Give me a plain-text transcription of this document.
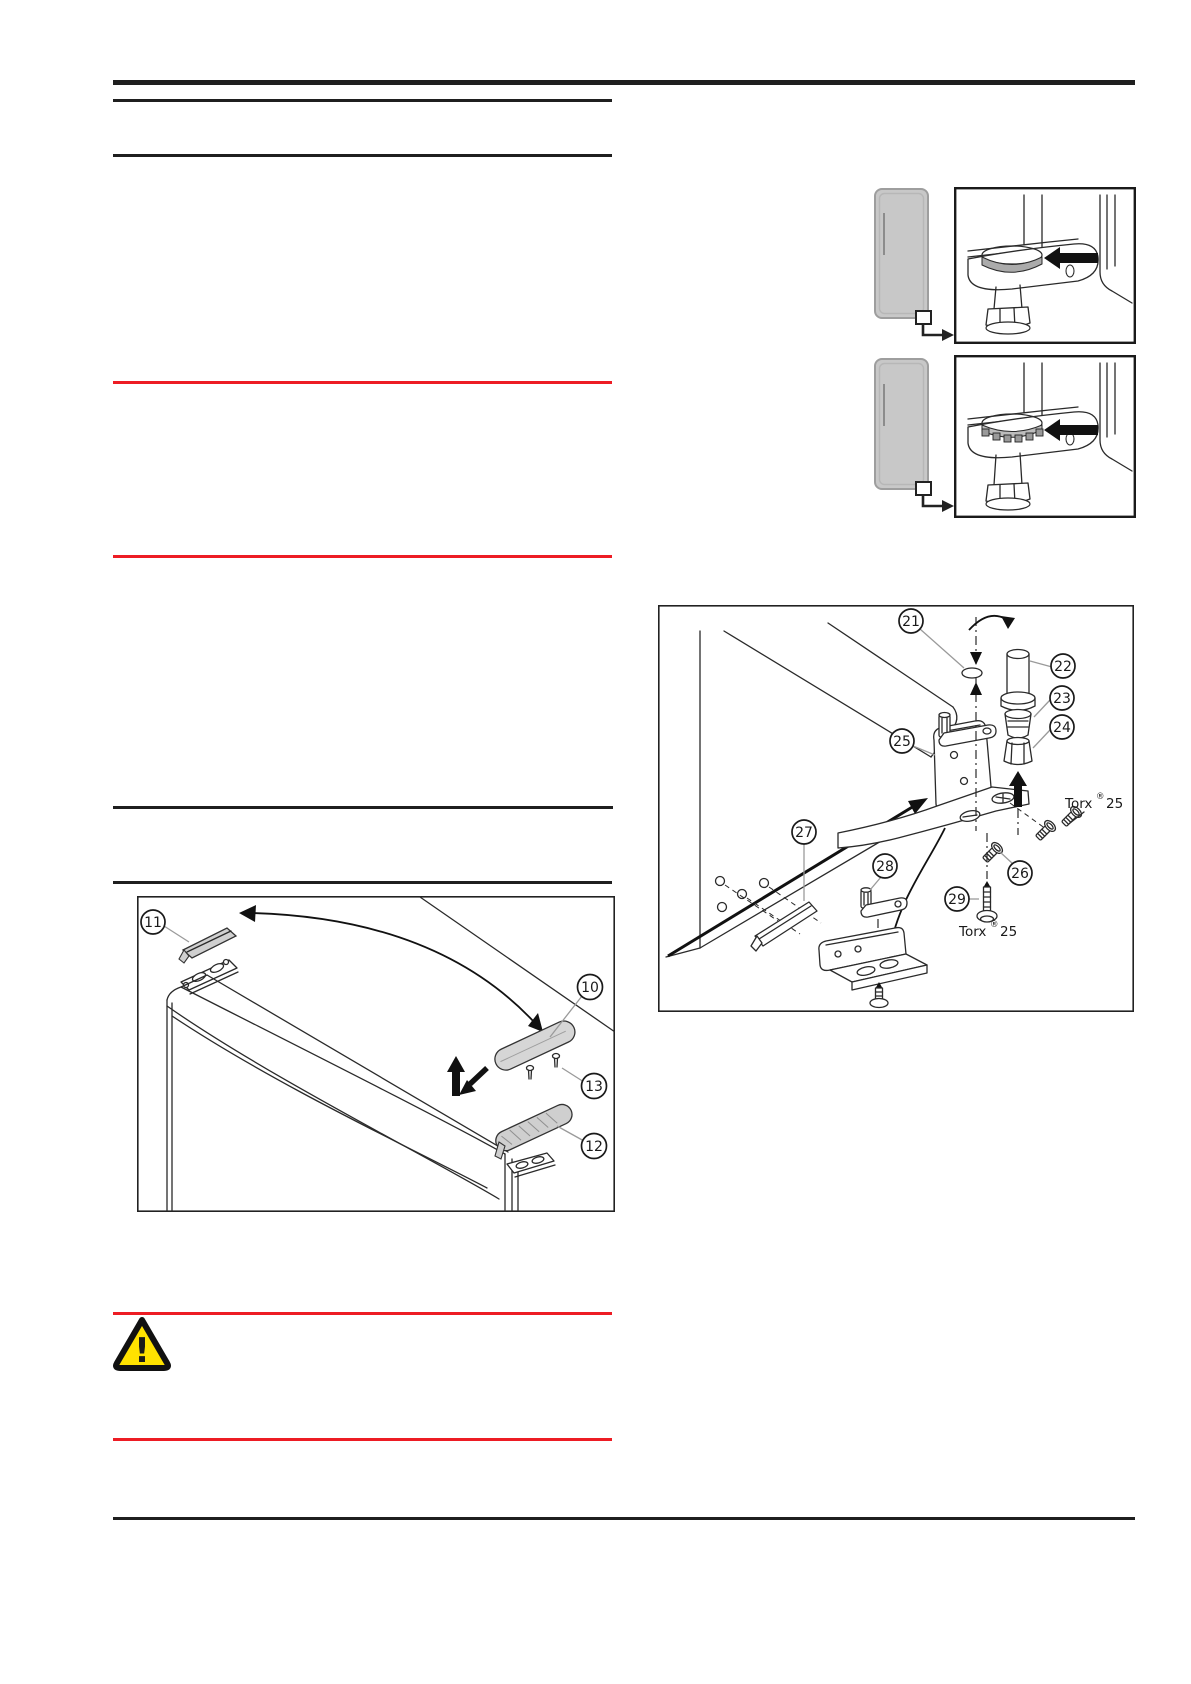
21
22
23
24
25
26
27
28
29
Torx ® 25
Torx ® 25
11
10
13
12
!
